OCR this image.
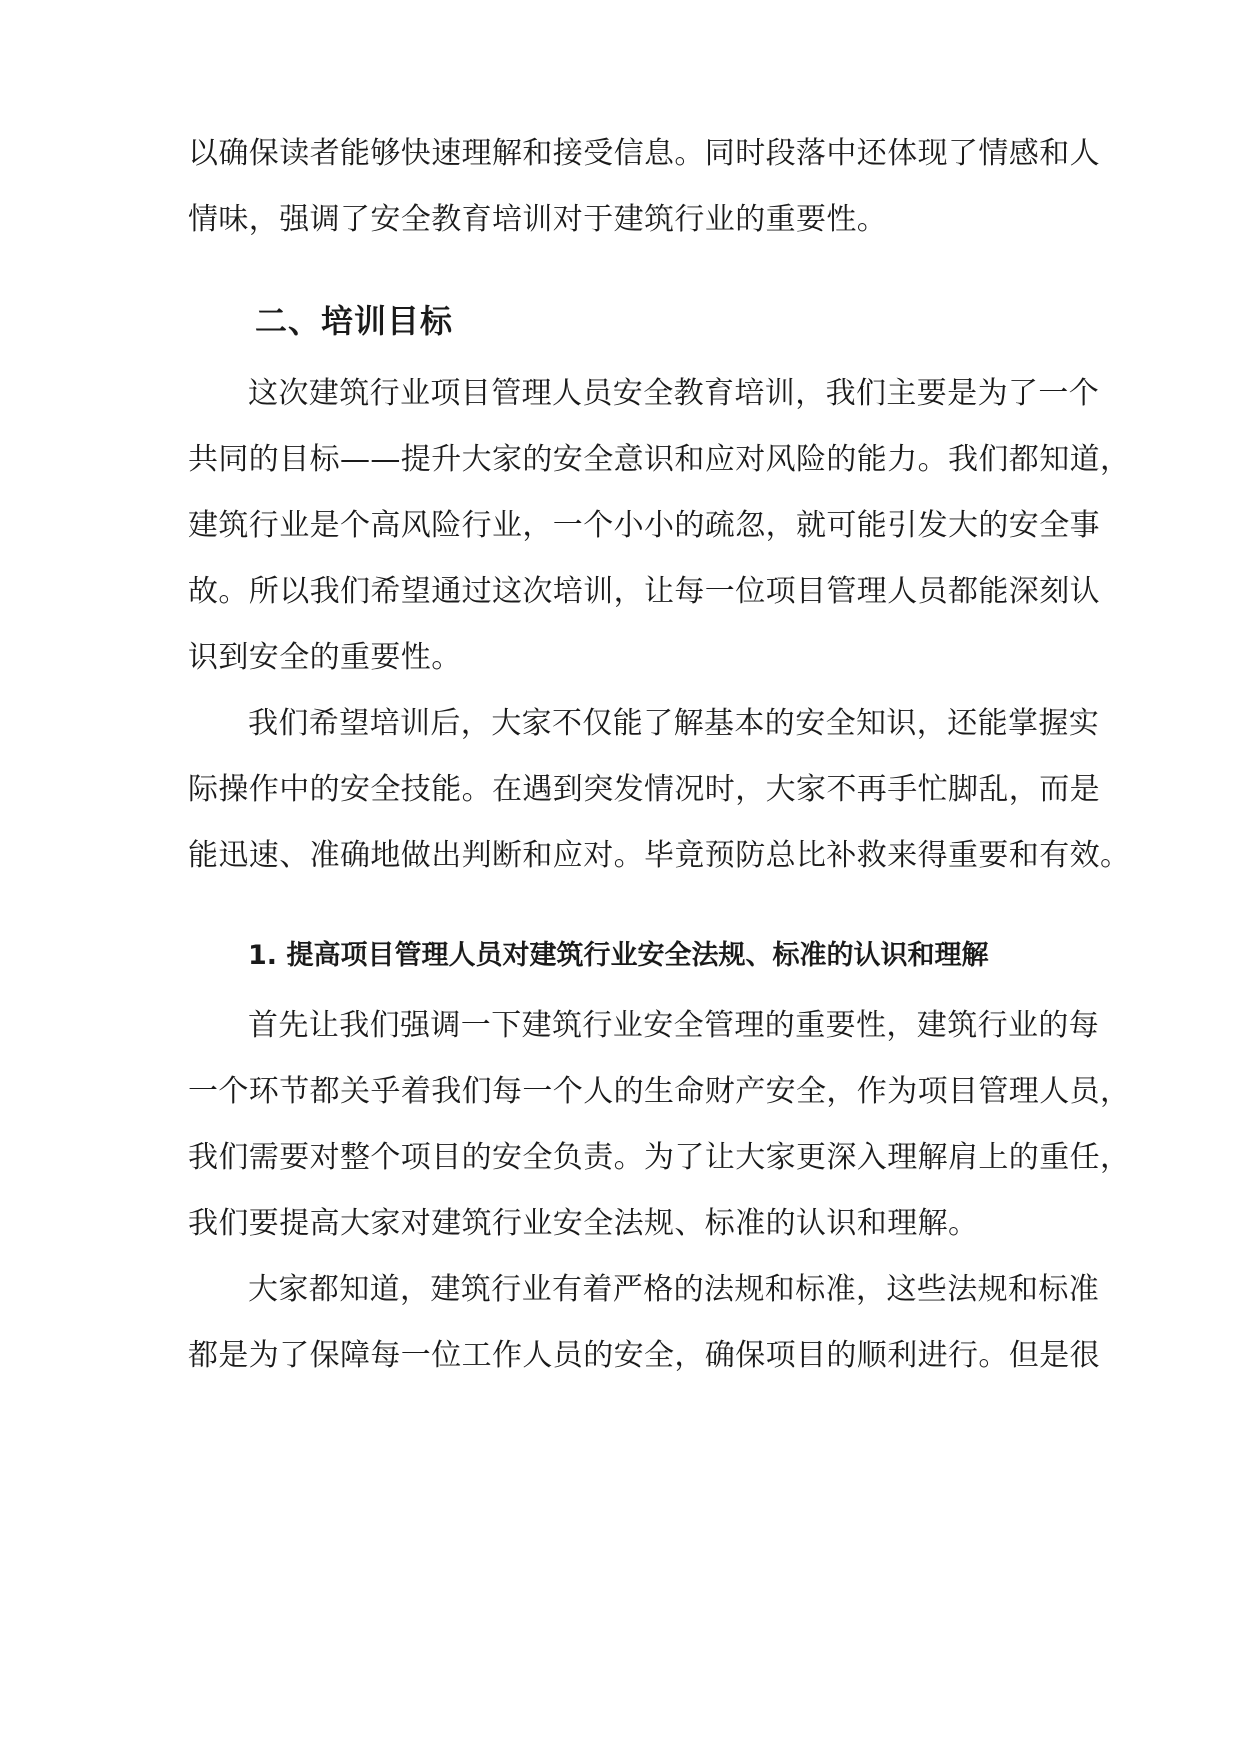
以确保读者能够快速理解和接受信息。同时段落中还体现了情感和人
情味，强调了安全教育培训对于建筑行业的重要性。
二、培训目标
这次建筑行业项目管理人员安全教育培训，我们主要是为了一个
共同的目标——提升大家的安全意识和应对风险的能力。我们都知道，
建筑行业是个高风险行业，一个小小的疏忽，就可能引发大的安全事
故。所以我们希望通过这次培训，让每一位项目管理人员都能深刻认
识到安全的重要性。
我们希望培训后，大家不仅能了解基本的安全知识，还能掌握实
际操作中的安全技能。在遇到突发情况时，大家不再手忙脚乱，而是
能迅速、准确地做出判断和应对。毕竟预防总比补救来得重要和有效。
1. 提高项目管理人员对建筑行业安全法规、标准的认识和理解
首先让我们强调一下建筑行业安全管理的重要性，建筑行业的每
一个环节都关乎着我们每一个人的生命财产安全，作为项目管理人员，
我们需要对整个项目的安全负责。为了让大家更深入理解肩上的重任，
我们要提高大家对建筑行业安全法规、标准的认识和理解。
大家都知道，建筑行业有着严格的法规和标准，这些法规和标准
都是为了保障每一位工作人员的安全，确保项目的顺利进行。但是很
